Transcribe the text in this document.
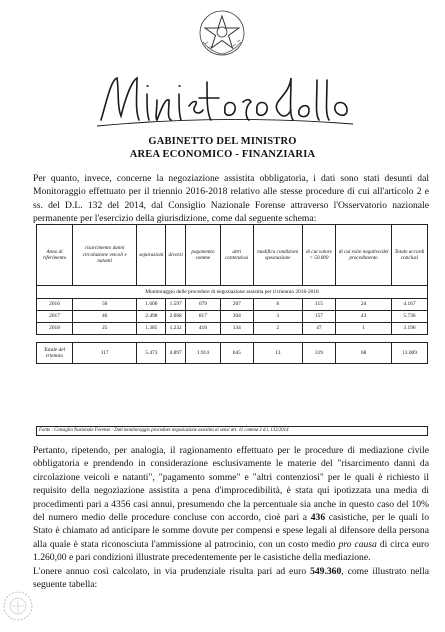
GABINETTO DEL MINISTRO
AREA ECONOMICO - FINANZIARIA

Per quanto, invece, concerne la negoziazione assistita obbligatoria, i dati sono stati desunti dal Monitoraggio effettuato per il triennio 2016-2018 relativo alle stesse procedure di cui all'articolo 2 e ss. del D.L. 132 del 2014, dal Consiglio Nazionale Forense attraverso l'Osservatorio nazionale permanente per l'esercizio della giurisdizione, come dal seguente schema:

Monitoraggio delle procedure di negoziazione assistita per il triennio 2016-2018									
Anno di riferimento	risarcimento danni circolazione veicoli e natanti	separazioni	divorzi	pagamento somme	altri contenziosi	modifica condizioni sposnazione	di cui valore > 50.000	di cui esito negativo/del procedimento	Totale accordi conclusi
2016	56	1.600	1.597	679	207	8	115	24	4.167
2017	46	2.498	2.068	817	304	3	157	43	5.736
2018	25	1.385	1.232	418	134	2	47	1	3.196

Totale del triennio	117	5.473	4.897	1.914	645	13	319	68	13.069
Fonte : Consiglio Nazionale Forense - Dati monitoraggio procedure negoziazione assistita ai sensi art. 11 comma 2 d.l. 132/2014

Pertanto, ripetendo, per analogia, il ragionamento effettuato per le procedure di mediazione civile obbligatoria e prendendo in considerazione esclusivamente le materie del "risarcimento danni da circolazione veicoli e natanti", "pagamento somme" e "altri contenziosi" per le quali è richiesto il requisito della negoziazione assistita a pena d'improcedibilità, è stata qui ipotizzata una media di procedimenti pari a 4356 casi annui, presumendo che la percentuale sia anche in questo caso del 10% del numero medio delle procedure concluse con accordo, cioè pari a 436 casistiche, per le quali lo Stato è chiamato ad anticipare le somme dovute per compensi e spese legali al difensore della persona alla quale è stata riconosciuta l'ammissione al patrocinio, con un costo medio pro causa di circa euro 1.260,00 e pari condizioni illustrate precedentemente per le casistiche della mediazione.
L'onere annuo così calcolato, in via prudenziale risulta pari ad euro 549.360, come illustrato nella seguente tabella:
